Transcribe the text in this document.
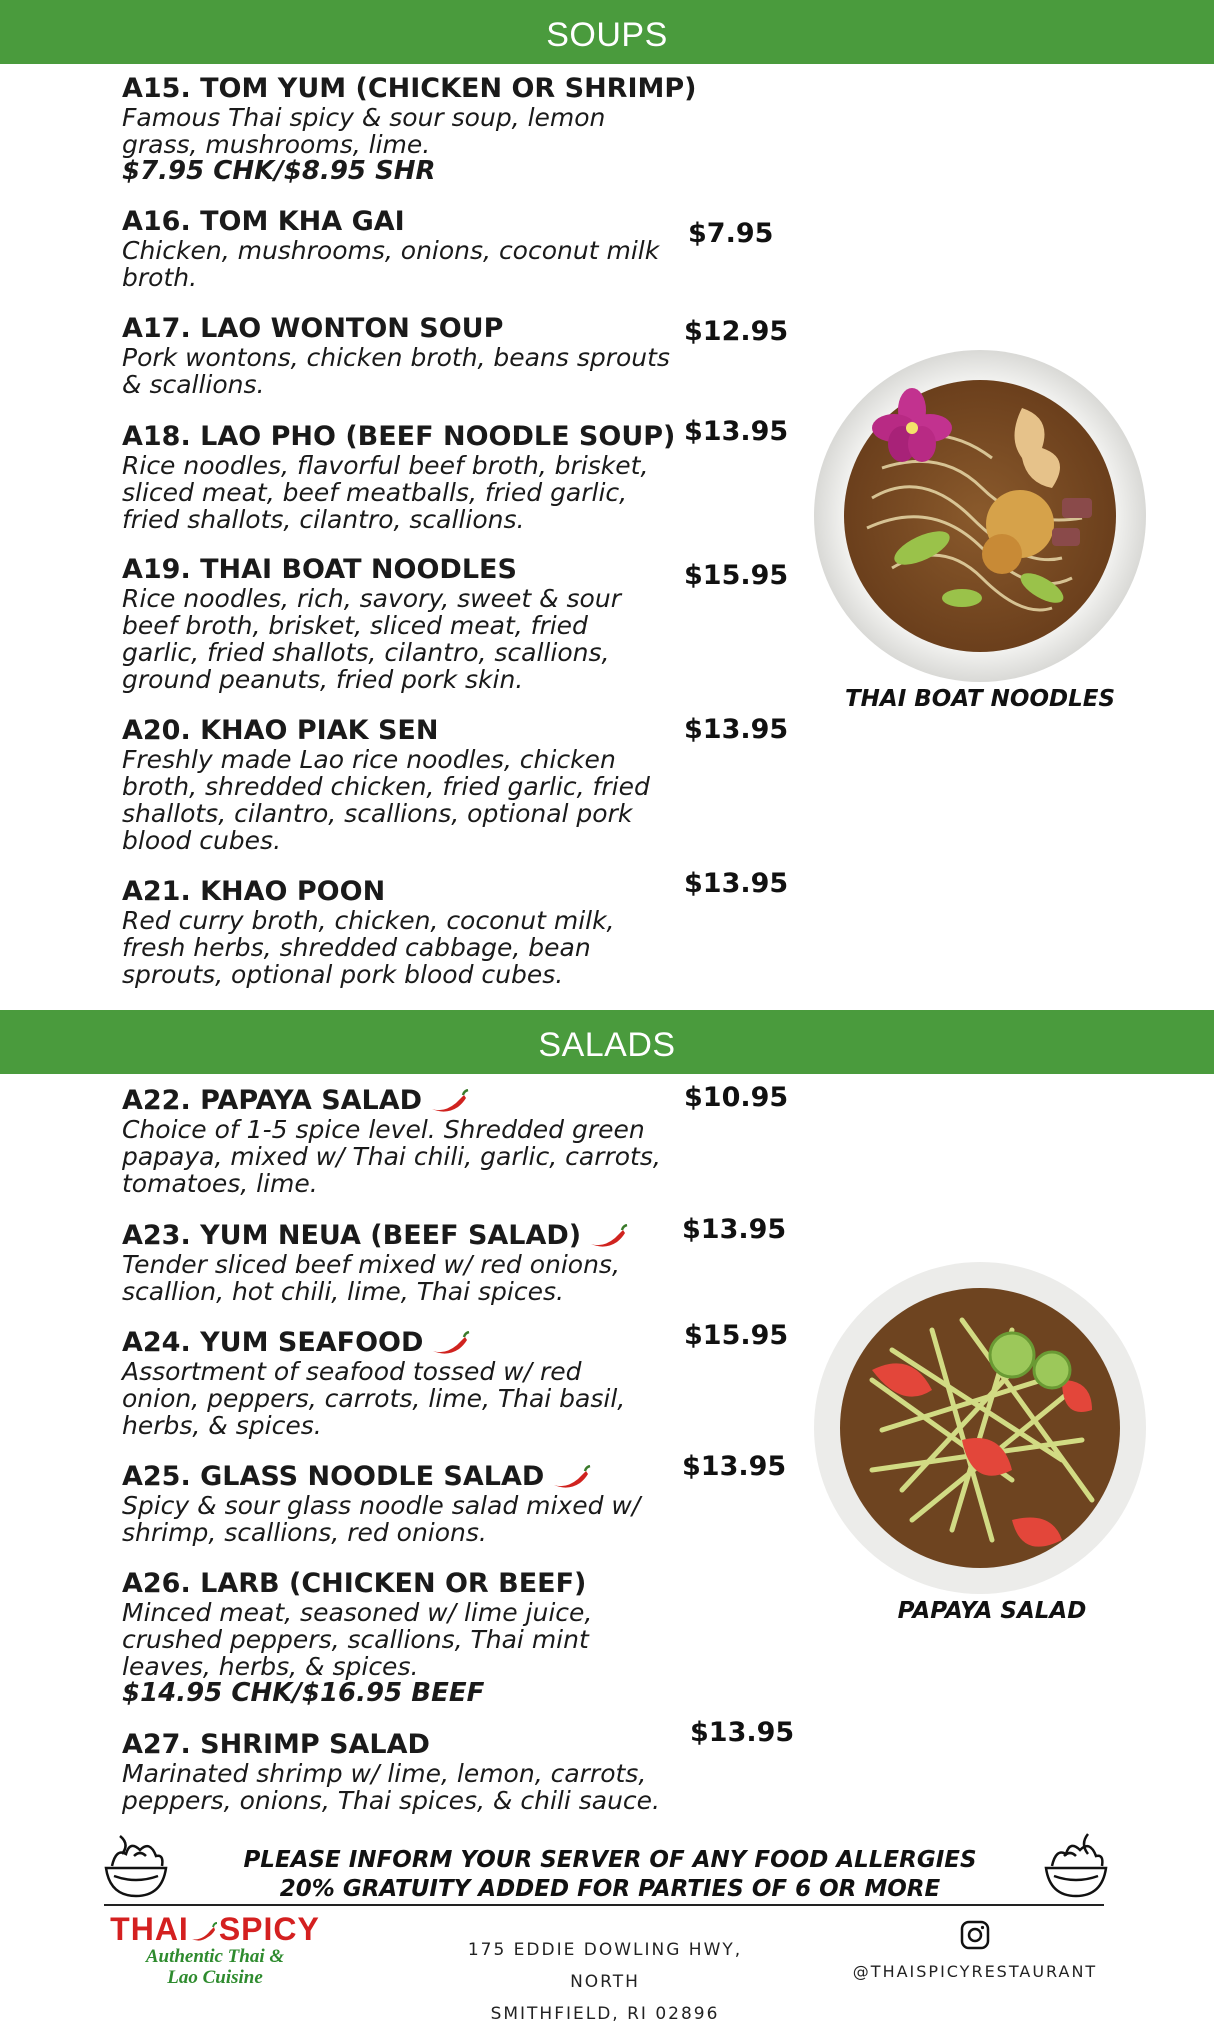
SOUPS
A15. TOM YUM (CHICKEN OR SHRIMP)
Famous Thai spicy & sour soup, lemon grass, mushrooms, lime.
$7.95 CHK/$8.95 SHR
A16. TOM KHA GAI
Chicken, mushrooms, onions, coconut milk broth.
$7.95
A17. LAO WONTON SOUP
Pork wontons, chicken broth, beans sprouts & scallions.
$12.95
A18. LAO PHO (BEEF NOODLE SOUP)
Rice noodles, flavorful beef broth, brisket, sliced meat, beef meatballs, fried garlic, fried shallots, cilantro, scallions.
$13.95
A19. THAI BOAT NOODLES
Rice noodles, rich, savory, sweet & sour beef broth, brisket, sliced meat, fried garlic, fried shallots, cilantro, scallions, ground peanuts, fried pork skin.
$15.95
A20. KHAO PIAK SEN
Freshly made Lao rice noodles, chicken broth, shredded chicken, fried garlic, fried shallots, cilantro, scallions, optional pork blood cubes.
$13.95
A21. KHAO POON
Red curry broth, chicken, coconut milk, fresh herbs, shredded cabbage, bean sprouts, optional pork blood cubes.
$13.95
THAI BOAT NOODLES
SALADS
A22. PAPAYA SALAD
Choice of 1-5 spice level. Shredded green papaya, mixed w/ Thai chili, garlic, carrots, tomatoes, lime.
$10.95
A23. YUM NEUA (BEEF SALAD)
Tender sliced beef mixed w/ red onions, scallion, hot chili, lime, Thai spices.
$13.95
A24. YUM SEAFOOD
Assortment of seafood tossed w/ red onion, peppers, carrots, lime, Thai basil, herbs, & spices.
$15.95
A25. GLASS NOODLE SALAD
Spicy & sour glass noodle salad mixed w/ shrimp, scallions, red onions.
$13.95
A26. LARB (CHICKEN OR BEEF)
Minced meat, seasoned w/ lime juice, crushed peppers, scallions, Thai mint leaves, herbs, & spices.
$14.95 CHK/$16.95 BEEF
A27. SHRIMP SALAD
Marinated shrimp w/ lime, lemon, carrots, peppers, onions, Thai spices, & chili sauce.
$13.95
PAPAYA SALAD
PLEASE INFORM YOUR SERVER OF ANY FOOD ALLERGIES
20% GRATUITY ADDED FOR PARTIES OF 6 OR MORE
THAI SPICY
Authentic Thai &
Lao Cuisine
175 EDDIE DOWLING HWY, NORTH
SMITHFIELD, RI 02896
@THAISPICYRESTAURANT
